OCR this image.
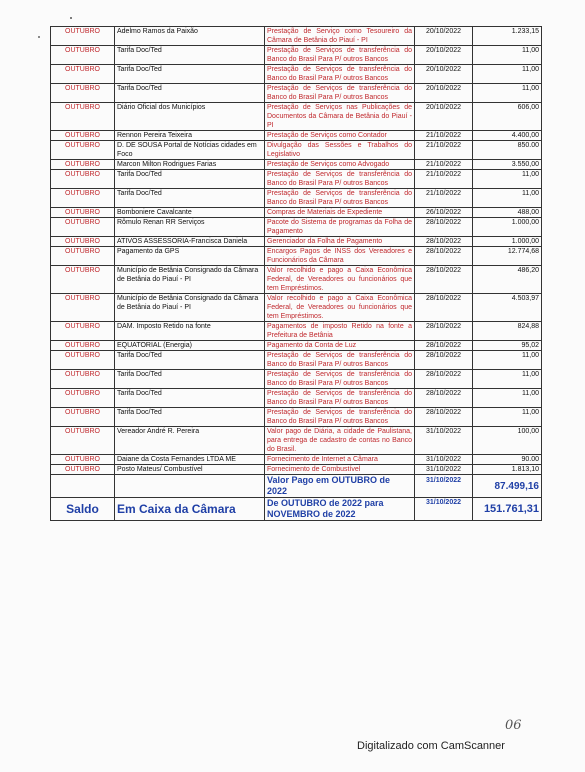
OUTUBRO	Adelmo Ramos da Paixão	Prestação de Serviço como Tesoureiro da Câmara de Betânia do Piauí - PI	20/10/2022	1.233,15
OUTUBRO	Tarifa Doc/Ted	Prestação de Serviços de transferência do Banco do Brasil Para P/ outros Bancos	20/10/2022	11,00
OUTUBRO	Tarifa Doc/Ted	Prestação de Serviços de transferência do Banco do Brasil Para P/ outros Bancos	20/10/2022	11,00
OUTUBRO	Tarifa Doc/Ted	Prestação de Serviços de transferência do Banco do Brasil Para P/ outros Bancos	20/10/2022	11,00
OUTUBRO	Diário Oficial dos Municípios	Prestação de Serviços nas Publicações de Documentos da Câmara de Betânia do Piauí - PI	20/10/2022	606,00
OUTUBRO	Rennon Pereira Teixeira	Prestação de Serviços como Contador	21/10/2022	4.400,00
OUTUBRO	D. DE SOUSA Portal de Notícias cidades em Foco	Divulgação das Sessões e Trabalhos do Legislativo	21/10/2022	850.00
OUTUBRO	Marcon Milton Rodrigues Farias	Prestação de Serviços como Advogado	21/10/2022	3.550,00
OUTUBRO	Tarifa Doc/Ted	Prestação de Serviços de transferência do Banco do Brasil Para P/ outros Bancos	21/10/2022	11,00
OUTUBRO	Tarifa Doc/Ted	Prestação de Serviços de transferência do Banco do Brasil Para P/ outros Bancos	21/10/2022	11,00
OUTUBRO	Bomboniere Cavalcante	Compras de Materiais de Expediente	26/10/2022	488,00
OUTUBRO	Rômulo Renan RR Serviços	Pacote do Sistema de programas da Folha de Pagamento	28/10/2022	1.000,00
OUTUBRO	ATIVOS ASSESSORIA-Francisca Daniela	Gerenciador da Folha de Pagamento	28/10/2022	1.000,00
OUTUBRO	Pagamento da GPS	Encargos Pagos de INSS dos Vereadores e Funcionários da Câmara	28/10/2022	12.774,68
OUTUBRO	Município de Betânia Consignado da Câmara de Betânia do Piauí - PI	Valor recolhido e pago a Caixa Econômica Federal, de Vereadores ou funcionários que tem Empréstimos.	28/10/2022	486,20
OUTUBRO	Município de Betânia Consignado da Câmara de Betânia do Piauí - PI	Valor recolhido e pago a Caixa Econômica Federal, de Vereadores ou funcionários que tem Empréstimos.	28/10/2022	4.503,97
OUTUBRO	DAM. Imposto Retido na fonte	Pagamentos de imposto Retido na fonte a Prefeitura de Betânia	28/10/2022	824,88
OUTUBRO	EQUATORIAL (Energia)	Pagamento da Conta de Luz	28/10/2022	95,02
OUTUBRO	Tarifa Doc/Ted	Prestação de Serviços de transferência do Banco do Brasil Para P/ outros Bancos	28/10/2022	11,00
OUTUBRO	Tarifa Doc/Ted	Prestação de Serviços de transferência do Banco do Brasil Para P/ outros Bancos	28/10/2022	11,00
OUTUBRO	Tarifa Doc/Ted	Prestação de Serviços de transferência do Banco do Brasil Para P/ outros Bancos	28/10/2022	11,00
OUTUBRO	Tarifa Doc/Ted	Prestação de Serviços de transferência do Banco do Brasil Para P/ outros Bancos	28/10/2022	11,00
OUTUBRO	Vereador André R. Pereira	Valor pago de Diária, a cidade de Paulistana, para entrega de cadastro de contas no Banco do Brasil.	31/10/2022	100,00
OUTUBRO	Daiane da Costa Fernandes LTDA ME	Fornecimento de Internet a Câmara	31/10/2022	90.00
OUTUBRO	Posto Mateus/ Combustível	Fornecimento de Combustível	31/10/2022	1.813,10
		Valor Pago em OUTUBRO de 2022	31/10/2022	87.499,16
Saldo	Em Caixa da Câmara	De OUTUBRO de 2022 para NOVEMBRO de 2022	31/10/2022	151.761,31
06
Digitalizado com CamScanner
